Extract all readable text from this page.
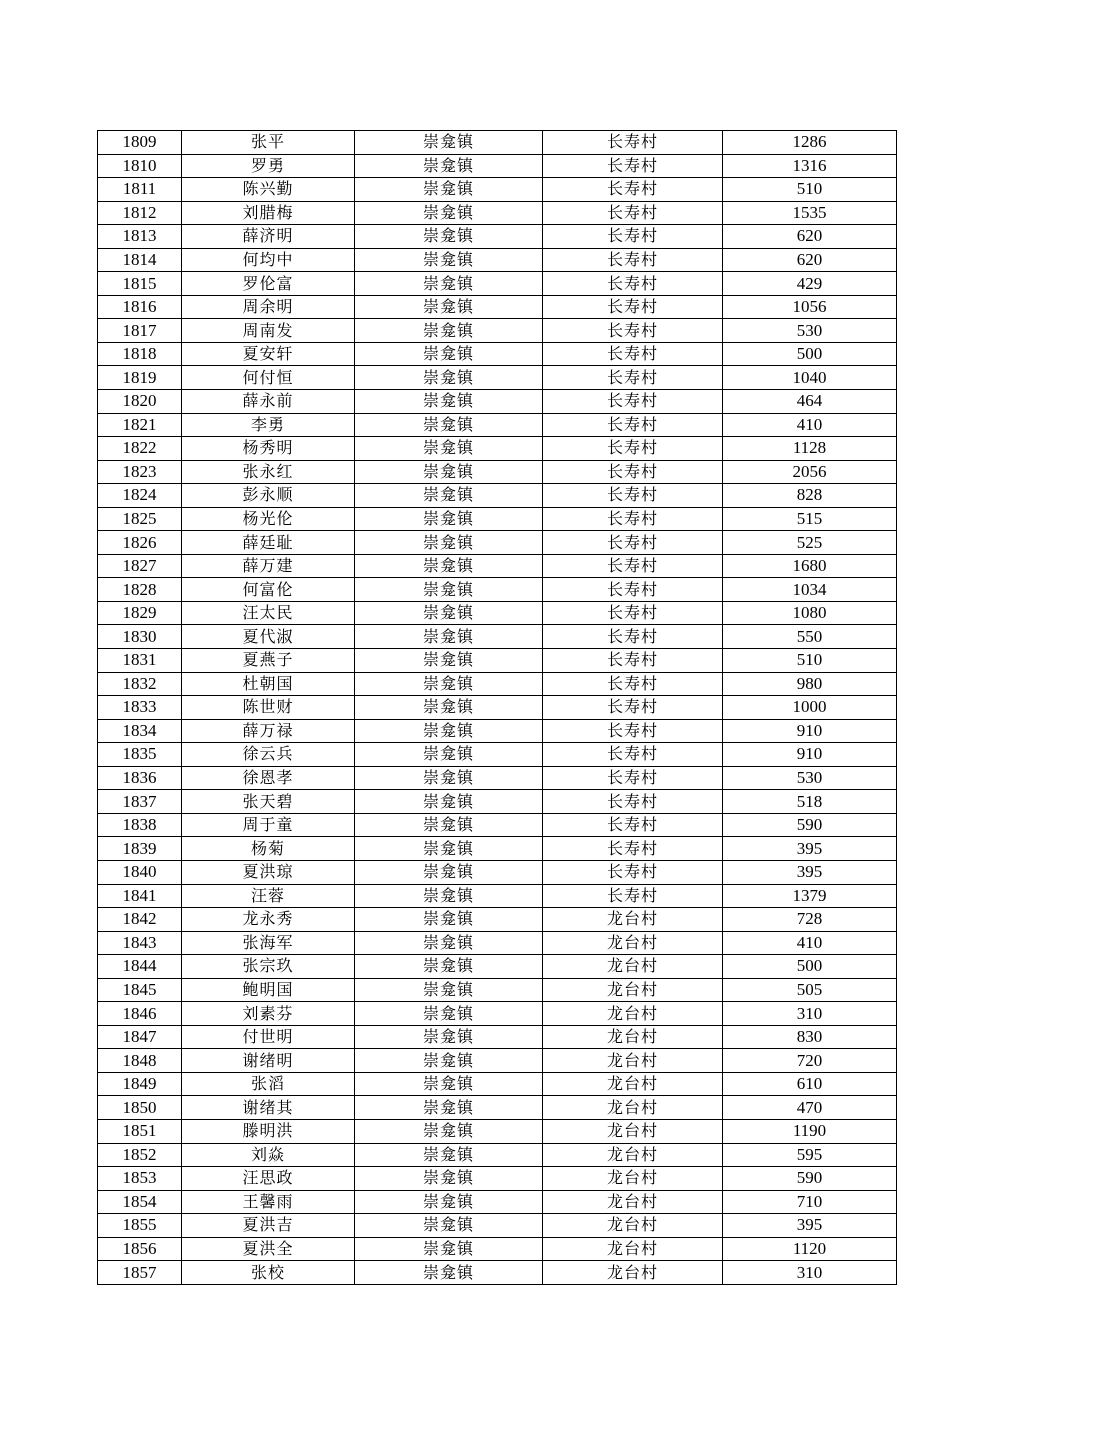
1809	张平	崇龛镇	长寿村	1286
1810	罗勇	崇龛镇	长寿村	1316
1811	陈兴勤	崇龛镇	长寿村	510
1812	刘腊梅	崇龛镇	长寿村	1535
1813	薛济明	崇龛镇	长寿村	620
1814	何均中	崇龛镇	长寿村	620
1815	罗伦富	崇龛镇	长寿村	429
1816	周余明	崇龛镇	长寿村	1056
1817	周南发	崇龛镇	长寿村	530
1818	夏安轩	崇龛镇	长寿村	500
1819	何付恒	崇龛镇	长寿村	1040
1820	薛永前	崇龛镇	长寿村	464
1821	李勇	崇龛镇	长寿村	410
1822	杨秀明	崇龛镇	长寿村	1128
1823	张永红	崇龛镇	长寿村	2056
1824	彭永顺	崇龛镇	长寿村	828
1825	杨光伦	崇龛镇	长寿村	515
1826	薛廷耻	崇龛镇	长寿村	525
1827	薛万建	崇龛镇	长寿村	1680
1828	何富伦	崇龛镇	长寿村	1034
1829	汪太民	崇龛镇	长寿村	1080
1830	夏代淑	崇龛镇	长寿村	550
1831	夏燕子	崇龛镇	长寿村	510
1832	杜朝国	崇龛镇	长寿村	980
1833	陈世财	崇龛镇	长寿村	1000
1834	薛万禄	崇龛镇	长寿村	910
1835	徐云兵	崇龛镇	长寿村	910
1836	徐恩孝	崇龛镇	长寿村	530
1837	张天碧	崇龛镇	长寿村	518
1838	周于童	崇龛镇	长寿村	590
1839	杨菊	崇龛镇	长寿村	395
1840	夏洪琼	崇龛镇	长寿村	395
1841	汪蓉	崇龛镇	长寿村	1379
1842	龙永秀	崇龛镇	龙台村	728
1843	张海军	崇龛镇	龙台村	410
1844	张宗玖	崇龛镇	龙台村	500
1845	鲍明国	崇龛镇	龙台村	505
1846	刘素芬	崇龛镇	龙台村	310
1847	付世明	崇龛镇	龙台村	830
1848	谢绪明	崇龛镇	龙台村	720
1849	张滔	崇龛镇	龙台村	610
1850	谢绪其	崇龛镇	龙台村	470
1851	滕明洪	崇龛镇	龙台村	1190
1852	刘焱	崇龛镇	龙台村	595
1853	汪思政	崇龛镇	龙台村	590
1854	王馨雨	崇龛镇	龙台村	710
1855	夏洪吉	崇龛镇	龙台村	395
1856	夏洪全	崇龛镇	龙台村	1120
1857	张校	崇龛镇	龙台村	310
